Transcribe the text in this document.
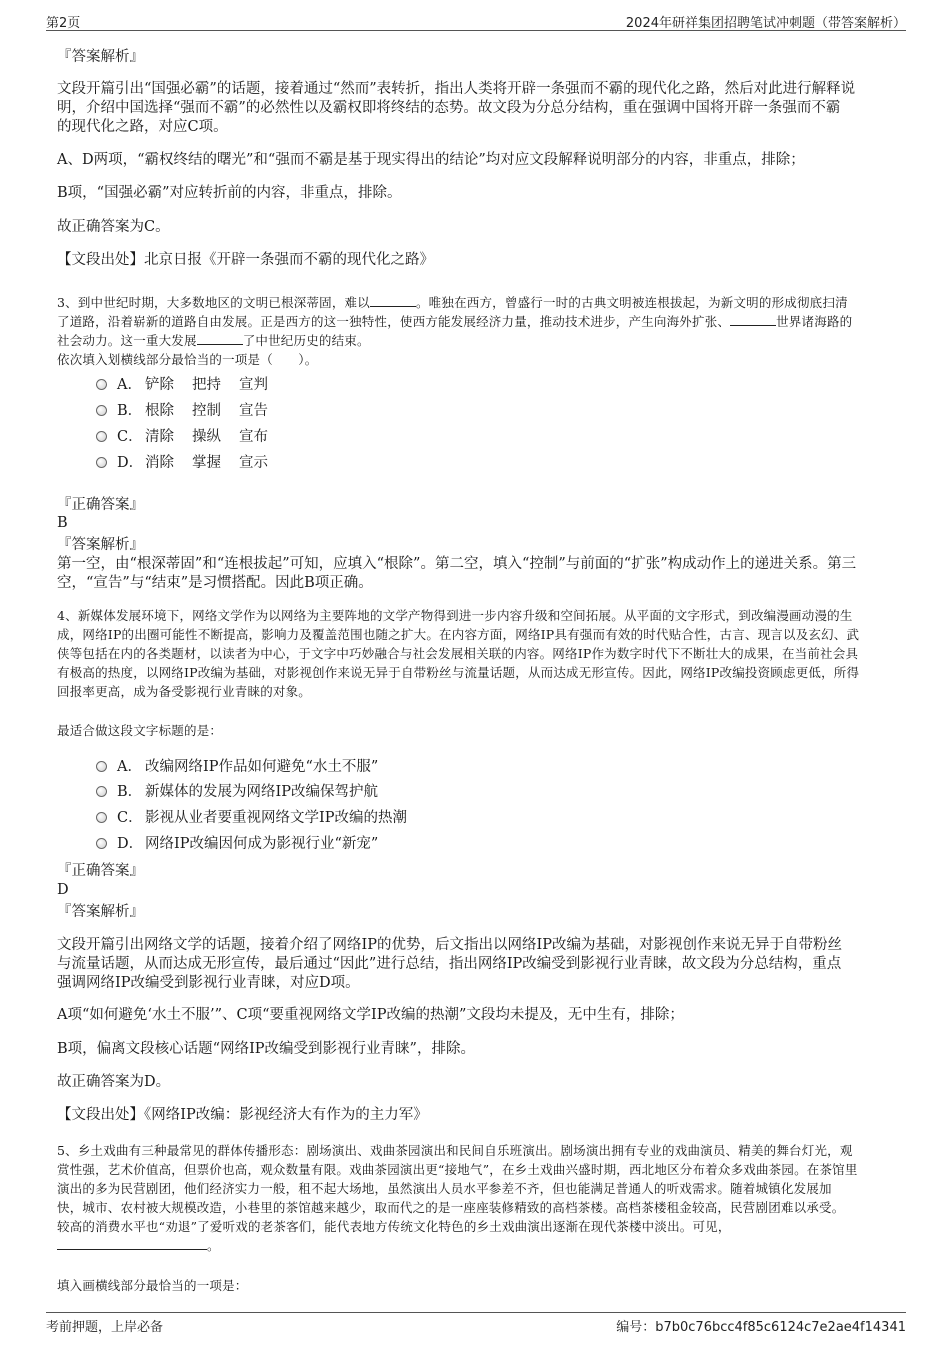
第2页	2024年研祥集团招聘笔试冲刺题（带答案解析）
『答案解析』
文段开篇引出“国强必霸”的话题，接着通过“然而”表转折，指出人类将开辟一条强而不霸的现代化之路，然后对此进行解释说
明，介绍中国选择“强而不霸”的必然性以及霸权即将终结的态势。故文段为分总分结构，重在强调中国将开辟一条强而不霸
的现代化之路，对应C项。
A、D两项，“霸权终结的曙光”和“强而不霸是基于现实得出的结论”均对应文段解释说明部分的内容，非重点，排除；
B项，“国强必霸”对应转折前的内容，非重点，排除。
故正确答案为C。
【文段出处】北京日报《开辟一条强而不霸的现代化之路》
3、到中世纪时期，大多数地区的文明已根深蒂固，难以	。唯独在西方，曾盛行一时的古典文明被连根拔起，为新文明的形成彻底扫清
了道路，沿着崭新的道路自由发展。正是西方的这一独特性，使西方能发展经济力量，推动技术进步，产生向海外扩张、	世界诸海路的
社会动力。这一重大发展	了中世纪历史的结束。
依次填入划横线部分最恰当的一项是（　　）。
A． 铲除 把持 宣判
B． 根除 控制 宣告
C． 清除 操纵 宣布
D． 消除 掌握 宣示
『正确答案』
B
『答案解析』
第一空，由“根深蒂固”和“连根拔起”可知，应填入“根除”。第二空，填入“控制”与前面的“扩张”构成动作上的递进关系。第三
空，“宣告”与“结束”是习惯搭配。因此B项正确。
4、新媒体发展环境下，网络文学作为以网络为主要阵地的文学产物得到进一步内容升级和空间拓展。从平面的文字形式，到改编漫画动漫的生
成，网络IP的出圈可能性不断提高，影响力及覆盖范围也随之扩大。在内容方面，网络IP具有强而有效的时代贴合性，古言、现言以及玄幻、武
侠等包括在内的各类题材，以读者为中心，于文字中巧妙融合与社会发展相关联的内容。网络IP作为数字时代下不断壮大的成果，在当前社会具
有极高的热度，以网络IP改编为基础，对影视创作来说无异于自带粉丝与流量话题，从而达成无形宣传。因此，网络IP改编投资顾虑更低，所得
回报率更高，成为备受影视行业青睐的对象。
最适合做这段文字标题的是：
A． 改编网络IP作品如何避免“水土不服”
B． 新媒体的发展为网络IP改编保驾护航
C． 影视从业者要重视网络文学IP改编的热潮
D． 网络IP改编因何成为影视行业“新宠”
『正确答案』
D
『答案解析』
文段开篇引出网络文学的话题，接着介绍了网络IP的优势，后文指出以网络IP改编为基础，对影视创作来说无异于自带粉丝
与流量话题，从而达成无形宣传，最后通过“因此”进行总结，指出网络IP改编受到影视行业青睐，故文段为分总结构，重点
强调网络IP改编受到影视行业青睐，对应D项。
A项“如何避免‘水土不服’”、C项“要重视网络文学IP改编的热潮”文段均未提及，无中生有，排除；
B项，偏离文段核心话题“网络IP改编受到影视行业青睐”，排除。
故正确答案为D。
【文段出处】《网络IP改编：影视经济大有作为的主力军》
5、乡土戏曲有三种最常见的群体传播形态：剧场演出、戏曲茶园演出和民间自乐班演出。剧场演出拥有专业的戏曲演员、精美的舞台灯光，观
赏性强，艺术价值高，但票价也高，观众数量有限。戏曲茶园演出更“接地气”，在乡土戏曲兴盛时期，西北地区分布着众多戏曲茶园。在茶馆里
演出的多为民营剧团，他们经济实力一般，租不起大场地，虽然演出人员水平参差不齐，但也能满足普通人的听戏需求。随着城镇化发展加
快，城市、农村被大规模改造，小巷里的茶馆越来越少，取而代之的是一座座装修精致的高档茶楼。高档茶楼租金较高，民营剧团难以承受。
较高的消费水平也“劝退”了爱听戏的老茶客们，能代表地方传统文化特色的乡土戏曲演出逐渐在现代茶楼中淡出。可见，
。
填入画横线部分最恰当的一项是：
考前押题，上岸必备	编号：b7b0c76bcc4f85c6124c7e2ae4f14341
